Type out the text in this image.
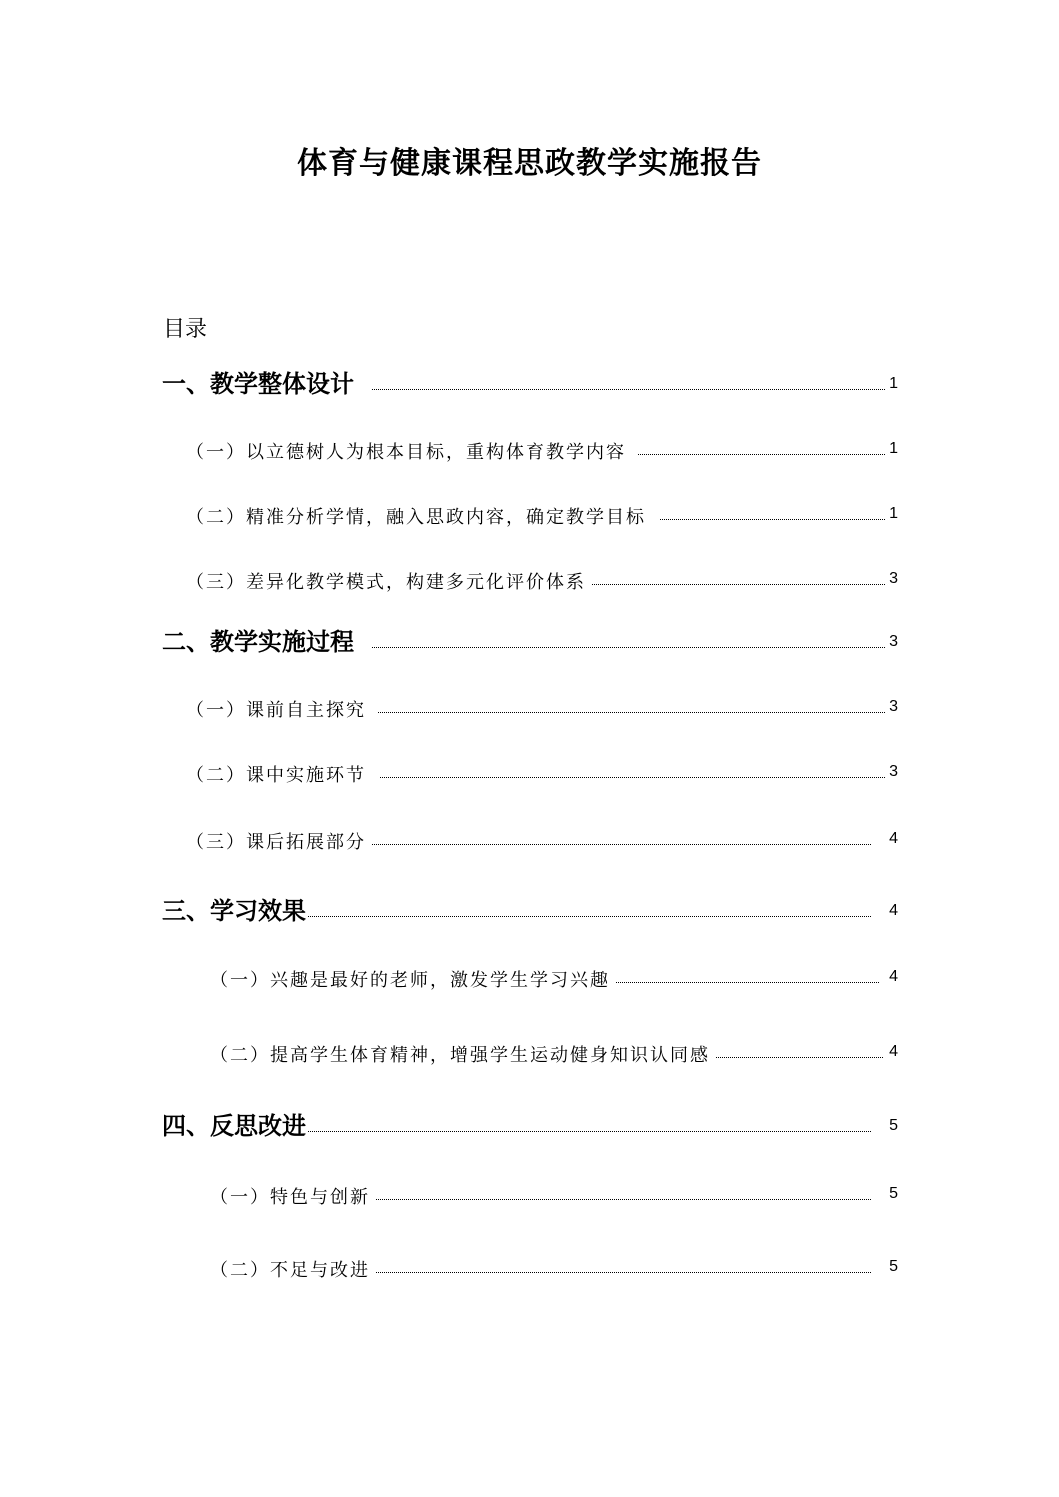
体育与健康课程思政教学实施报告
目录
一、教学整体设计	1
（一）以立德树人为根本目标，重构体育教学内容	1
（二）精准分析学情，融入思政内容，确定教学目标	1
（三）差异化教学模式，构建多元化评价体系	3
二、教学实施过程	3
（一）课前自主探究	3
（二）课中实施环节	3
（三）课后拓展部分	4
三、学习效果	4
（一）兴趣是最好的老师，激发学生学习兴趣	4
（二）提高学生体育精神，增强学生运动健身知识认同感	4
四、反思改进	5
（一）特色与创新	5
（二）不足与改进	5
